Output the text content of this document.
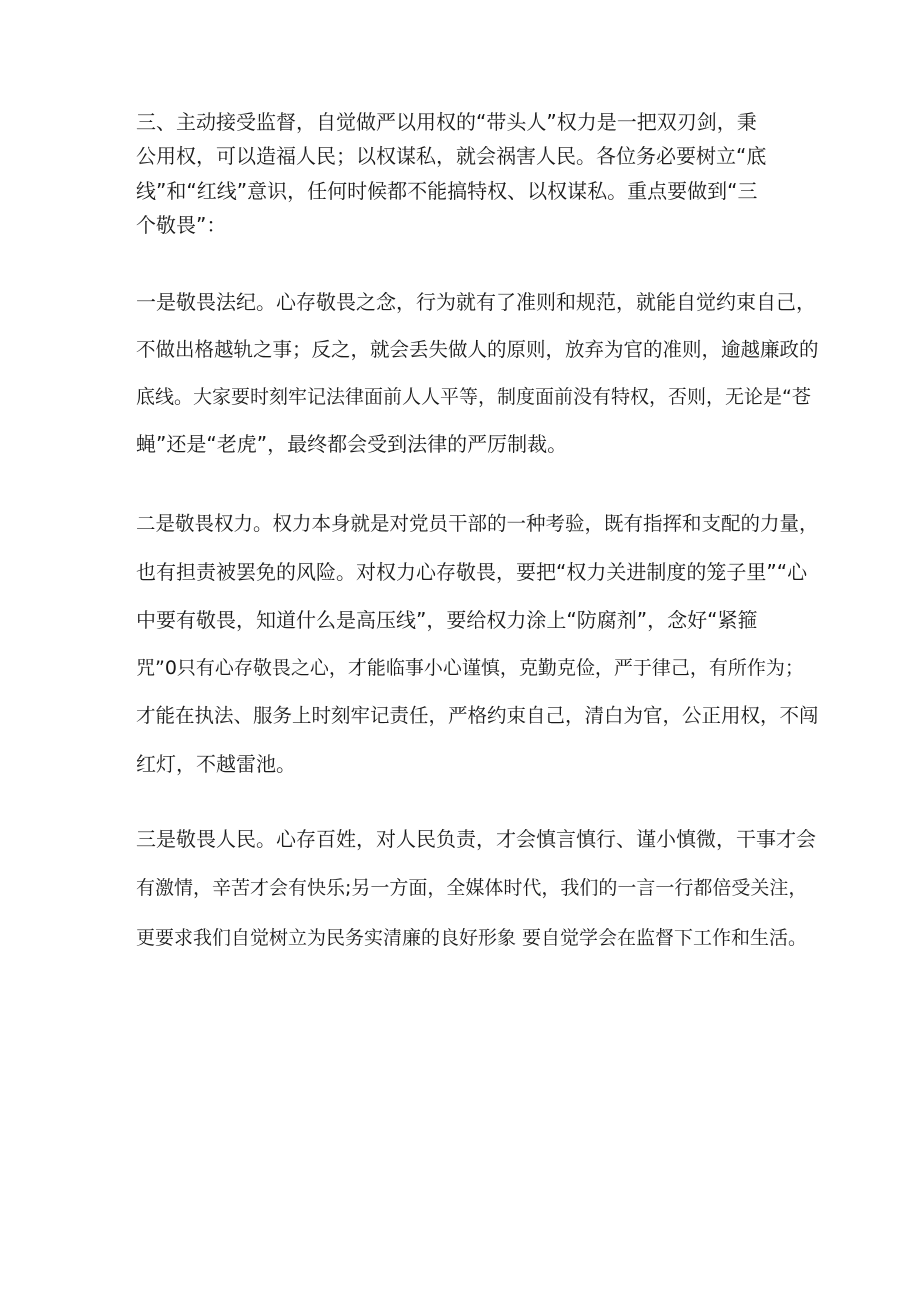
三、主动接受监督，自觉做严以用权的“带头人”权力是一把双刃剑，秉
公用权，可以造福人民；以权谋私，就会祸害人民。各位务必要树立“底
线”和“红线”意识，任何时候都不能搞特权、以权谋私。重点要做到“三
个敬畏”：
一是敬畏法纪。心存敬畏之念，行为就有了准则和规范，就能自觉约束自己，
不做出格越轨之事；反之，就会丢失做人的原则，放弃为官的准则，逾越廉政的
底线。大家要时刻牢记法律面前人人平等，制度面前没有特权，否则，无论是“苍
蝇”还是“老虎”，最终都会受到法律的严厉制裁。
二是敬畏权力。权力本身就是对党员干部的一种考验，既有指挥和支配的力量，
也有担责被罢免的风险。对权力心存敬畏，要把“权力关进制度的笼子里”“心
中要有敬畏，知道什么是高压线”，要给权力涂上“防腐剂”，念好“紧箍
咒”0只有心存敬畏之心，才能临事小心谨慎，克勤克俭，严于律己，有所作为；
才能在执法、服务上时刻牢记责任，严格约束自己，清白为官，公正用权，不闯
红灯，不越雷池。
三是敬畏人民。心存百姓，对人民负责，才会慎言慎行、谨小慎微，干事才会
有激情，辛苦才会有快乐;另一方面，全媒体时代，我们的一言一行都倍受关注，
更要求我们自觉树立为民务实清廉的良好形象 要自觉学会在监督下工作和生活。
